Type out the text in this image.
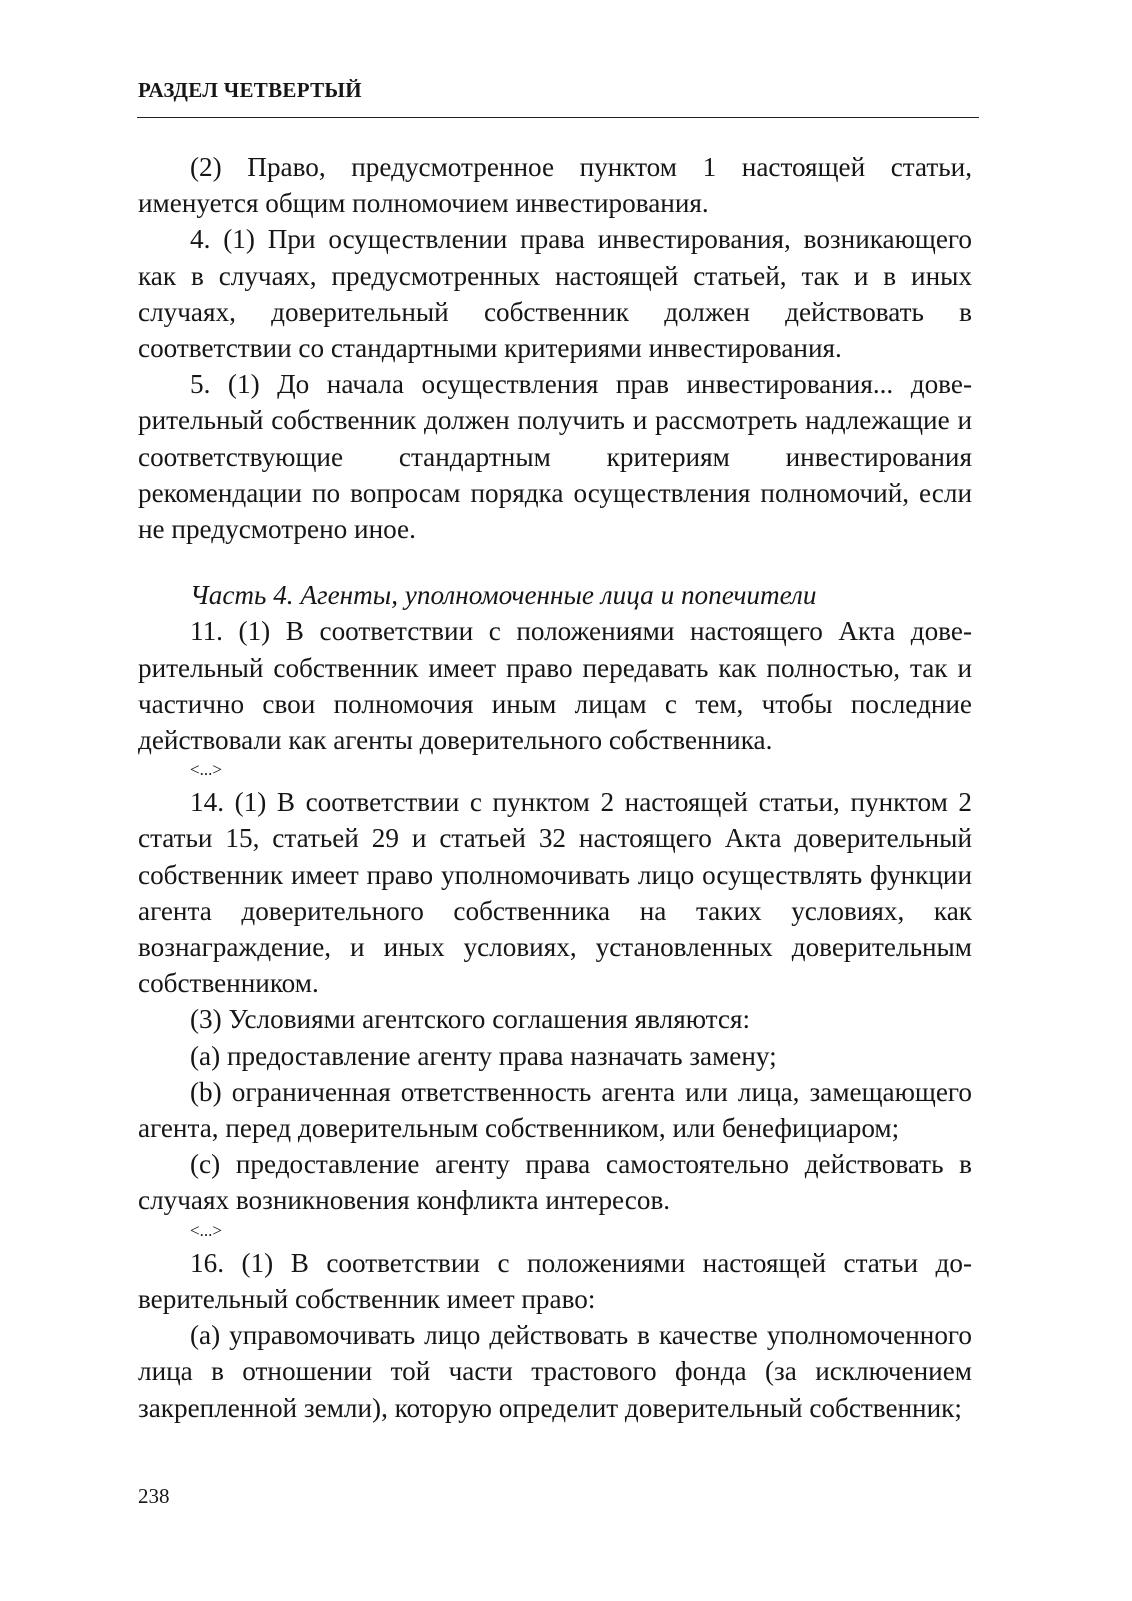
РАЗДЕЛ ЧЕТВЕРТЫЙ

(2) Право, предусмотренное пунктом 1 настоящей статьи, именуется общим полномочием инвестирования.

4. (1) При осуществлении права инвестирования, возникающего как в случаях, предусмотренных настоящей статьей, так и в иных случаях, доверительный собственник должен действовать в соответствии со стандартными критериями инвестирования.

5. (1) До начала осуществления прав инвестирования... доверительный собственник должен получить и рассмотреть надлежащие и соответствующие стандартным критериям инвестирования рекомендации по вопросам порядка осуществления полномочий, если не предусмотрено иное.

Часть 4. Агенты, уполномоченные лица и попечители

11. (1) В соответствии с положениями настоящего Акта доверительный собственник имеет право передавать как полностью, так и частично свои полномочия иным лицам с тем, чтобы последние действовали как агенты доверительного собственника.

<...>

14. (1) В соответствии с пунктом 2 настоящей статьи, пунктом 2 статьи 15, статьей 29 и статьей 32 настоящего Акта доверительный собственник имеет право уполномочивать лицо осуществлять функции агента доверительного собственника на таких условиях, как вознаграждение, и иных условиях, установленных доверительным собственником.

(3) Условиями агентского соглашения являются:

(a) предоставление агенту права назначать замену;

(b) ограниченная ответственность агента или лица, замещающего агента, перед доверительным собственником, или бенефициаром;

(c) предоставление агенту права самостоятельно действовать в случаях возникновения конфликта интересов.

<...>

16. (1) В соответствии с положениями настоящей статьи доверительный собственник имеет право:

(a) управомочивать лицо действовать в качестве уполномоченного лица в отношении той части трастового фонда (за исключением закрепленной земли), которую определит доверительный собственник;

238
